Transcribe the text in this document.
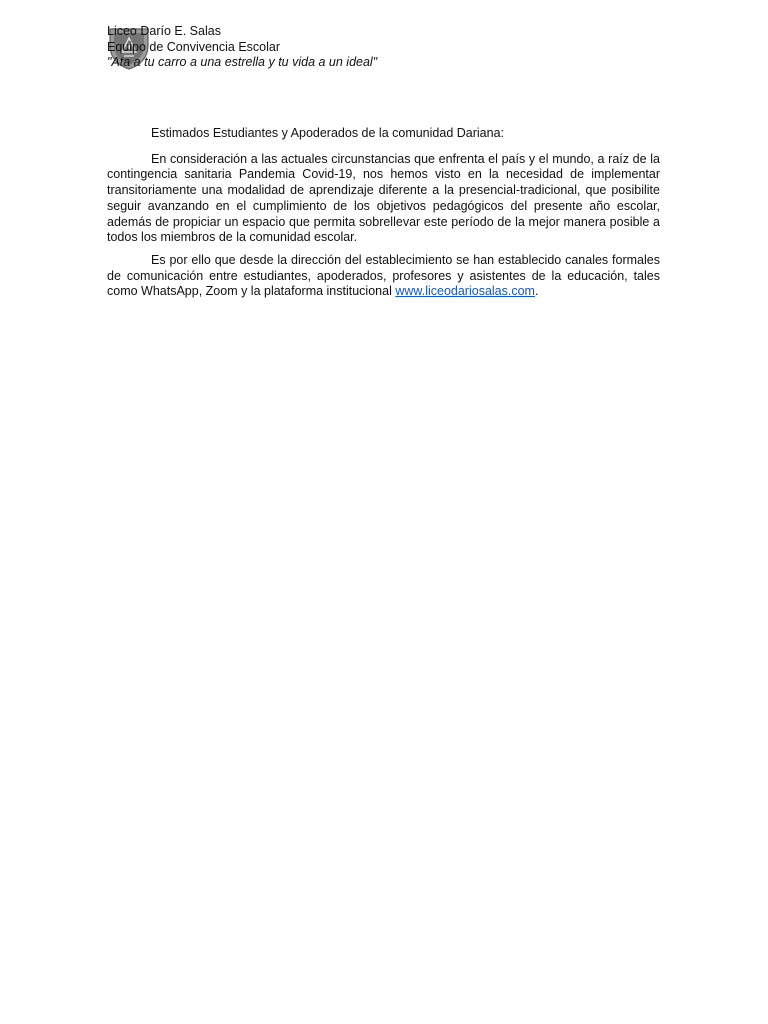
Liceo Darío E. Salas
Equipo de Convivencia Escolar
"Ata a tu carro a una estrella y tu vida a un ideal"

Estimados Estudiantes y Apoderados de la comunidad Dariana:

En consideración a las actuales circunstancias que enfrenta el país y el mundo, a raíz de la contingencia sanitaria Pandemia Covid-19, nos hemos visto en la necesidad de implementar transitoriamente una modalidad de aprendizaje diferente a la presencial-tradicional, que posibilite seguir avanzando en el cumplimiento de los objetivos pedagógicos del presente año escolar, además de propiciar un espacio que permita sobrellevar este período de la mejor manera posible a todos los miembros de la comunidad escolar.

Es por ello que desde la dirección del establecimiento se han establecido canales formales de comunicación entre estudiantes, apoderados, profesores y asistentes de la educación, tales como WhatsApp, Zoom y la plataforma institucional www.liceodariosalas.com.
